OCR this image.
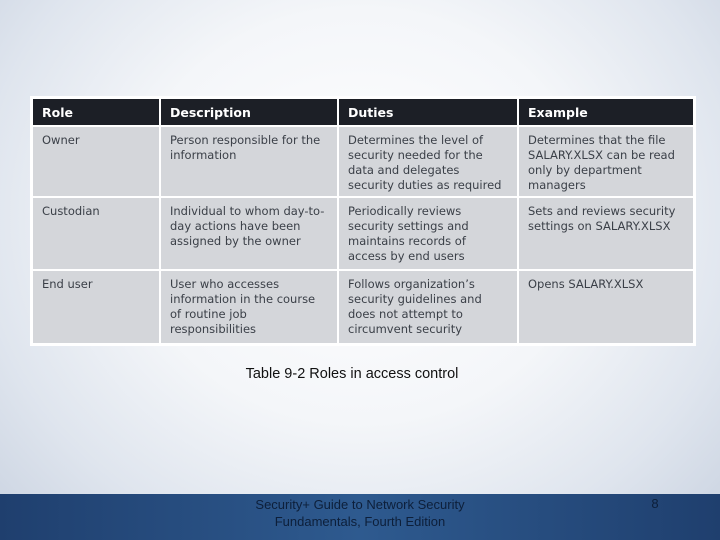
Role	Description	Duties	Example
Owner	Person responsible for the information	Determines the level of security needed for the data and delegates security duties as required	Determines that the file SALARY.XLSX can be read only by department managers
Custodian	Individual to whom day-to-day actions have been assigned by the owner	Periodically reviews security settings and maintains records of access by end users	Sets and reviews security settings on SALARY.XLSX
End user	User who accesses information in the course of routine job responsibilities	Follows organization’s security guidelines and does not attempt to circumvent security	Opens SALARY.XLSX
Table 9-2 Roles in access control
Security+ Guide to Network Security Fundamentals, Fourth Edition
8
